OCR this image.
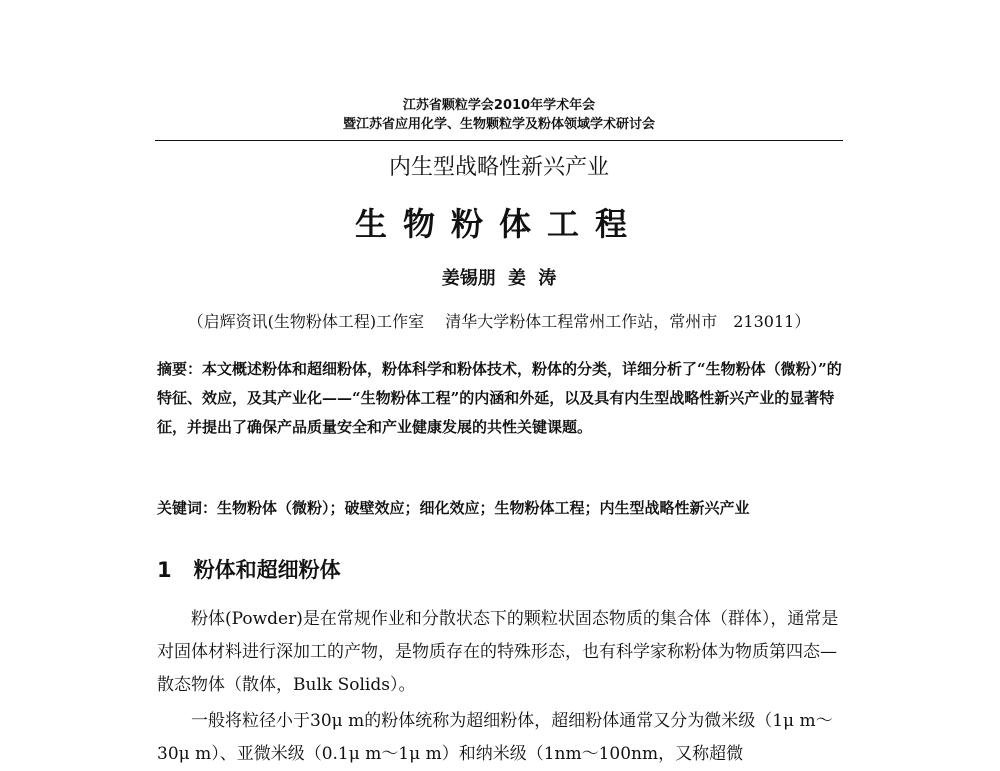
江苏省颗粒学会2010年学术年会
暨江苏省应用化学、生物颗粒学及粉体领域学术研讨会
内生型战略性新兴产业
生物粉体工程
姜锡朋 姜 涛
（启辉资讯(生物粉体工程)工作室　 清华大学粉体工程常州工作站，常州市　213011）
摘要：本文概述粉体和超细粉体，粉体科学和粉体技术，粉体的分类，详细分析了“生物粉体（微粉）”的特征、效应，及其产业化——“生物粉体工程”的内涵和外延，以及具有内生型战略性新兴产业的显著特征，并提出了确保产品质量安全和产业健康发展的共性关键课题。
关键词：生物粉体（微粉）；破壁效应；细化效应；生物粉体工程；内生型战略性新兴产业
1 粉体和超细粉体
粉体(Powder)是在常规作业和分散状态下的颗粒状固态物质的集合体（群体），通常是对固体材料进行深加工的产物，是物质存在的特殊形态，也有科学家称粉体为物质第四态—散态物体（散体，Bulk Solids）。
一般将粒径小于30μ m的粉体统称为超细粉体，超细粉体通常又分为微米级（1μ m～30μ m）、亚微米级（0.1μ m～1μ m）和纳米级（1nm～100nm，又称超微
